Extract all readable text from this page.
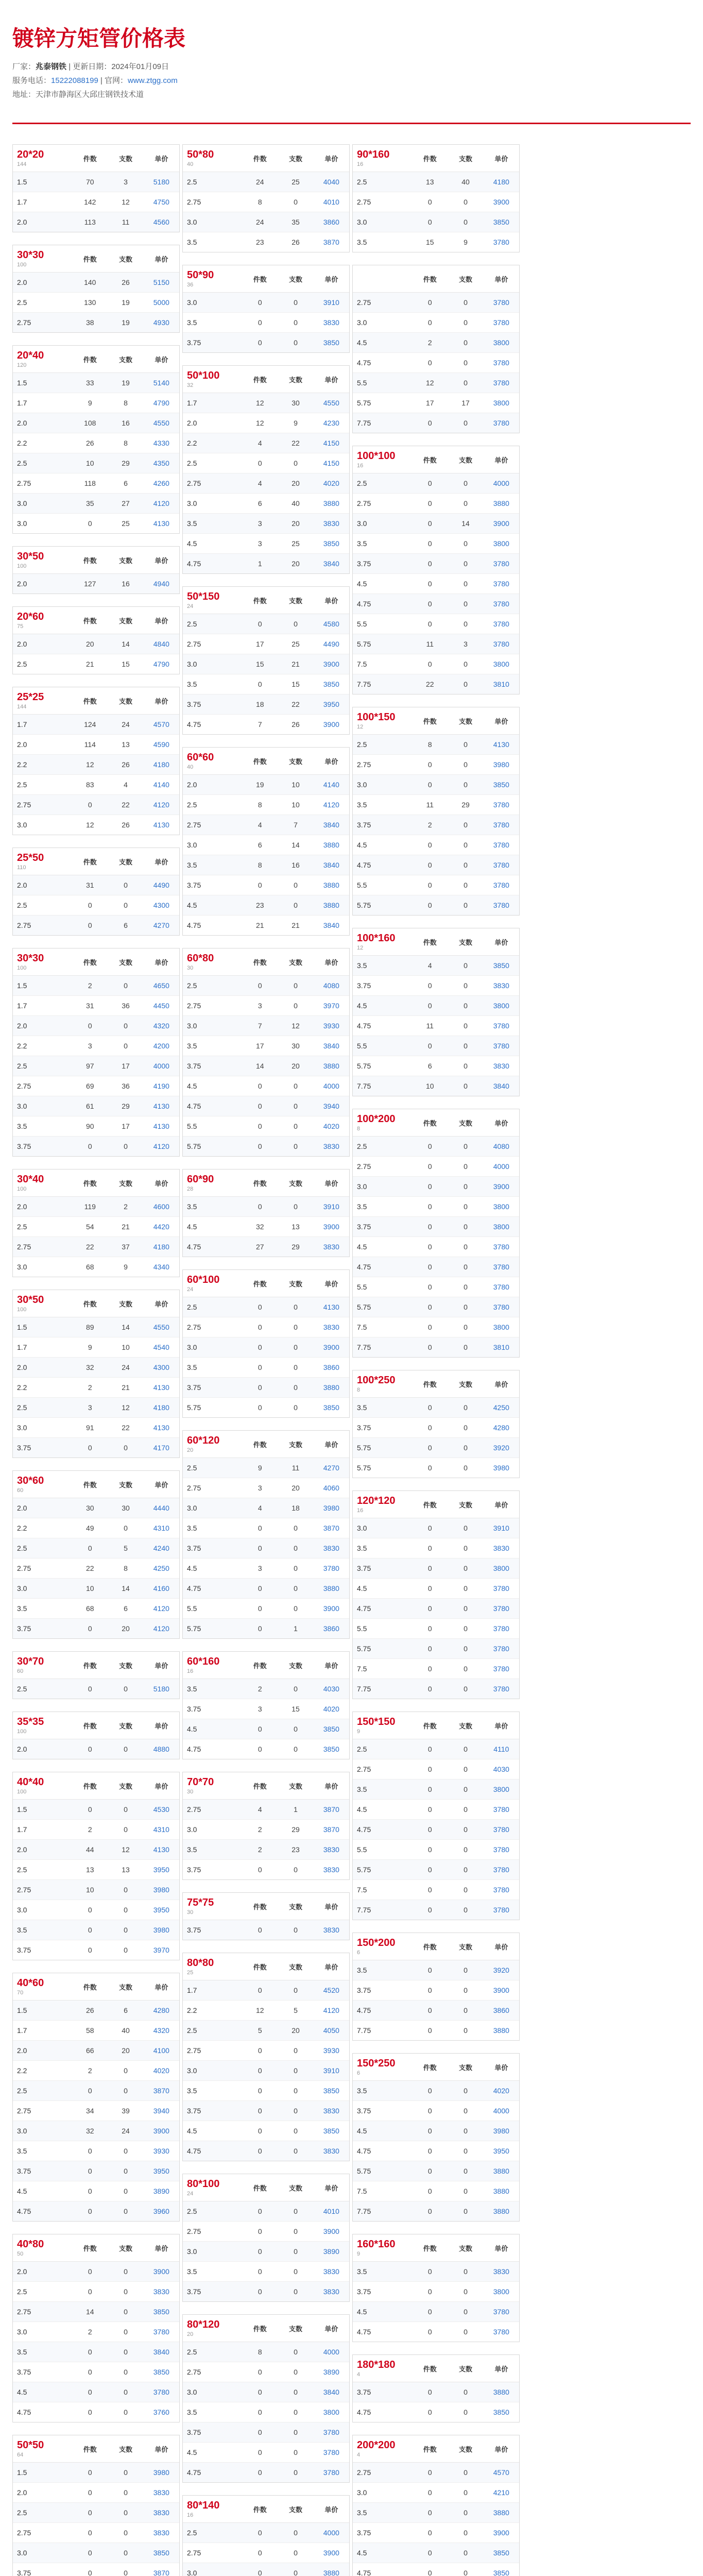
镀锌方矩管价格表
厂家：兆泰钢铁 | 更新日期：2024年01月09日
服务电话：15222088199 | 官网：www.ztgg.com
地址：天津市静海区大邱庄钢铁技术道
20*20
144
件数	支数	单价
1.5	70	3	5180
1.7	142	12	4750
2.0	113	11	4560
30*30
100
件数	支数	单价
2.0	140	26	5150
2.5	130	19	5000
2.75	38	19	4930
20*40
120
件数	支数	单价
1.5	33	19	5140
1.7	9	8	4790
2.0	108	16	4550
2.2	26	8	4330
2.5	10	29	4350
2.75	118	6	4260
3.0	35	27	4120
3.0	0	25	4130
30*50
100
件数	支数	单价
2.0	127	16	4940
20*60
75
件数	支数	单价
2.0	20	14	4840
2.5	21	15	4790
25*25
144
件数	支数	单价
1.7	124	24	4570
2.0	114	13	4590
2.2	12	26	4180
2.5	83	4	4140
2.75	0	22	4120
3.0	12	26	4130
25*50
110
件数	支数	单价
2.0	31	0	4490
2.5	0	0	4300
2.75	0	6	4270
30*30
100
件数	支数	单价
1.5	2	0	4650
1.7	31	36	4450
2.0	0	0	4320
2.2	3	0	4200
2.5	97	17	4000
2.75	69	36	4190
3.0	61	29	4130
3.5	90	17	4130
3.75	0	0	4120
30*40
100
件数	支数	单价
2.0	119	2	4600
2.5	54	21	4420
2.75	22	37	4180
3.0	68	9	4340
30*50
100
件数	支数	单价
1.5	89	14	4550
1.7	9	10	4540
2.0	32	24	4300
2.2	2	21	4130
2.5	3	12	4180
3.0	91	22	4130
3.75	0	0	4170
30*60
60
件数	支数	单价
2.0	30	30	4440
2.2	49	0	4310
2.5	0	5	4240
2.75	22	8	4250
3.0	10	14	4160
3.5	68	6	4120
3.75	0	20	4120
30*70
60
件数	支数	单价
2.5	0	0	5180
35*35
100
件数	支数	单价
2.0	0	0	4880
40*40
100
件数	支数	单价
1.5	0	0	4530
1.7	2	0	4310
2.0	44	12	4130
2.5	13	13	3950
2.75	10	0	3980
3.0	0	0	3950
3.5	0	0	3980
3.75	0	0	3970
40*60
70
件数	支数	单价
1.5	26	6	4280
1.7	58	40	4320
2.0	66	20	4100
2.2	2	0	4020
2.5	0	0	3870
2.75	34	39	3940
3.0	32	24	3900
3.5	0	0	3930
3.75	0	0	3950
4.5	0	0	3890
4.75	0	0	3960
40*80
50
件数	支数	单价
2.0	0	0	3900
2.5	0	0	3830
2.75	14	0	3850
3.0	2	0	3780
3.5	0	0	3840
3.75	0	0	3850
4.5	0	0	3780
4.75	0	0	3760
50*50
64
件数	支数	单价
1.5	0	0	3980
2.0	0	0	3830
2.5	0	0	3830
2.75	0	0	3830
3.0	0	0	3850
3.75	0	0	3870
50*80
40
件数	支数	单价
2.5	24	25	4040
2.75	8	0	4010
3.0	24	35	3860
3.5	23	26	3870
50*90
36
件数	支数	单价
3.0	0	0	3910
3.5	0	0	3830
3.75	0	0	3850
50*100
32
件数	支数	单价
1.7	12	30	4550
2.0	12	9	4230
2.2	4	22	4150
2.5	0	0	4150
2.75	4	20	4020
3.0	6	40	3880
3.5	3	20	3830
4.5	3	25	3850
4.75	1	20	3840
50*150
24
件数	支数	单价
2.5	0	0	4580
2.75	17	25	4490
3.0	15	21	3900
3.5	0	15	3850
3.75	18	22	3950
4.75	7	26	3900
60*60
40
件数	支数	单价
2.0	19	10	4140
2.5	8	10	4120
2.75	4	7	3840
3.0	6	14	3880
3.5	8	16	3840
3.75	0	0	3880
4.5	23	0	3880
4.75	21	21	3840
60*80
30
件数	支数	单价
2.5	0	0	4080
2.75	3	0	3970
3.0	7	12	3930
3.5	17	30	3840
3.75	14	20	3880
4.5	0	0	4000
4.75	0	0	3940
5.5	0	0	4020
5.75	0	0	3830
60*90
28
件数	支数	单价
3.5	0	0	3910
4.5	32	13	3900
4.75	27	29	3830
60*100
24
件数	支数	单价
2.5	0	0	4130
2.75	0	0	3830
3.0	0	0	3900
3.5	0	0	3860
3.75	0	0	3880
5.75	0	0	3850
60*120
20
件数	支数	单价
2.5	9	11	4270
2.75	3	20	4060
3.0	4	18	3980
3.5	0	0	3870
3.75	0	0	3830
4.5	3	0	3780
4.75	0	0	3880
5.5	0	0	3900
5.75	0	1	3860
60*160
16
件数	支数	单价
3.5	2	0	4030
3.75	3	15	4020
4.5	0	0	3850
4.75	0	0	3850
70*70
30
件数	支数	单价
2.75	4	1	3870
3.0	2	29	3870
3.5	2	23	3830
3.75	0	0	3830
75*75
30
件数	支数	单价
3.75	0	0	3830
80*80
25
件数	支数	单价
1.7	0	0	4520
2.2	12	5	4120
2.5	5	20	4050
2.75	0	0	3930
3.0	0	0	3910
3.5	0	0	3850
3.75	0	0	3830
4.5	0	0	3850
4.75	0	0	3830
80*100
24
件数	支数	单价
2.5	0	0	4010
2.75	0	0	3900
3.0	0	0	3890
3.5	0	0	3830
3.75	0	0	3830
80*120
20
件数	支数	单价
2.5	8	0	4000
2.75	0	0	3890
3.0	0	0	3840
3.5	0	0	3800
3.75	0	0	3780
4.5	0	0	3780
4.75	0	0	3780
80*140
16
件数	支数	单价
2.5	0	0	4000
2.75	0	0	3900
3.0	0	0	3880
90*160
16
件数	支数	单价
2.5	13	40	4180
2.75	0	0	3900
3.0	0	0	3850
3.5	15	9	3780
件数	支数	单价
2.75	0	0	3780
3.0	0	0	3780
4.5	2	0	3800
4.75	0	0	3780
5.5	12	0	3780
5.75	17	17	3800
7.75	0	0	3780
100*100
16
件数	支数	单价
2.5	0	0	4000
2.75	0	0	3880
3.0	0	14	3900
3.5	0	0	3800
3.75	0	0	3780
4.5	0	0	3780
4.75	0	0	3780
5.5	0	0	3780
5.75	11	3	3780
7.5	0	0	3800
7.75	22	0	3810
100*150
12
件数	支数	单价
2.5	8	0	4130
2.75	0	0	3980
3.0	0	0	3850
3.5	11	29	3780
3.75	2	0	3780
4.5	0	0	3780
4.75	0	0	3780
5.5	0	0	3780
5.75	0	0	3780
100*160
12
件数	支数	单价
3.5	4	0	3850
3.75	0	0	3830
4.5	0	0	3800
4.75	11	0	3780
5.5	0	0	3780
5.75	6	0	3830
7.75	10	0	3840
100*200
8
件数	支数	单价
2.5	0	0	4080
2.75	0	0	4000
3.0	0	0	3900
3.5	0	0	3800
3.75	0	0	3800
4.5	0	0	3780
4.75	0	0	3780
5.5	0	0	3780
5.75	0	0	3780
7.5	0	0	3800
7.75	0	0	3810
100*250
8
件数	支数	单价
3.5	0	0	4250
3.75	0	0	4280
5.75	0	0	3920
5.75	0	0	3980
120*120
16
件数	支数	单价
3.0	0	0	3910
3.5	0	0	3830
3.75	0	0	3800
4.5	0	0	3780
4.75	0	0	3780
5.5	0	0	3780
5.75	0	0	3780
7.5	0	0	3780
7.75	0	0	3780
150*150
9
件数	支数	单价
2.5	0	0	4110
2.75	0	0	4030
3.5	0	0	3800
4.5	0	0	3780
4.75	0	0	3780
5.5	0	0	3780
5.75	0	0	3780
7.5	0	0	3780
7.75	0	0	3780
150*200
6
件数	支数	单价
3.5	0	0	3920
3.75	0	0	3900
4.75	0	0	3860
7.75	0	0	3880
150*250
6
件数	支数	单价
3.5	0	0	4020
3.75	0	0	4000
4.5	0	0	3980
4.75	0	0	3950
5.75	0	0	3880
7.5	0	0	3880
7.75	0	0	3880
160*160
9
件数	支数	单价
3.5	0	0	3830
3.75	0	0	3800
4.5	0	0	3780
4.75	0	0	3780
180*180
4
件数	支数	单价
3.75	0	0	3880
4.75	0	0	3850
200*200
4
件数	支数	单价
2.75	0	0	4570
3.0	0	0	4210
3.5	0	0	3880
3.75	0	0	3900
4.5	0	0	3850
4.75	0	0	3850
